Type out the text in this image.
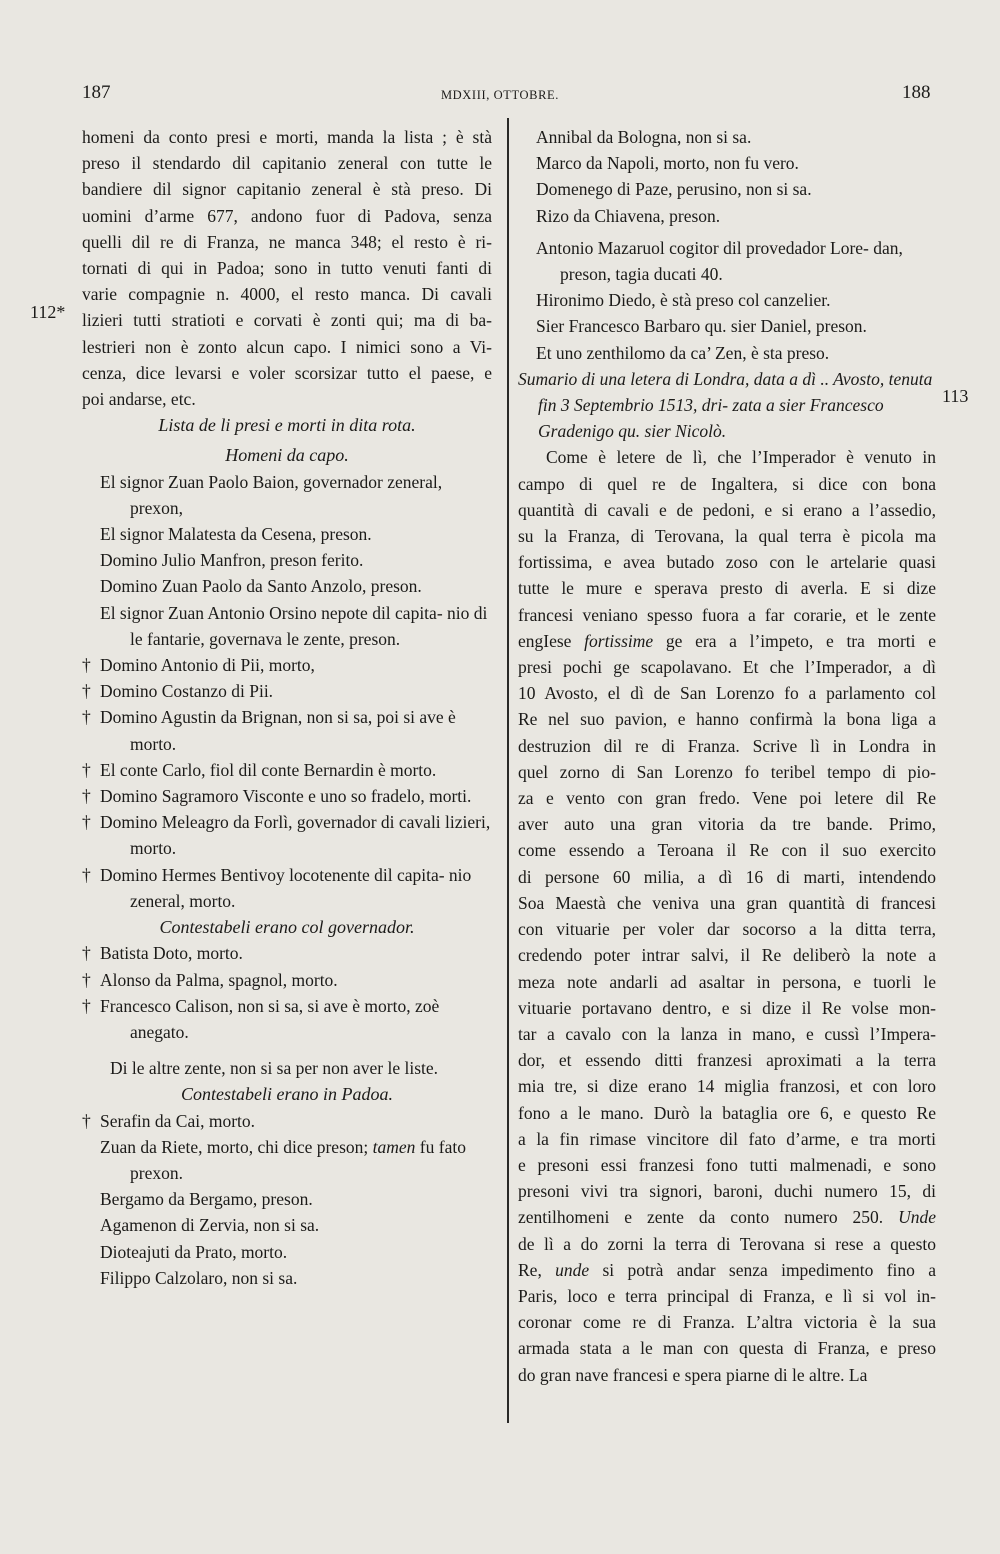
187	MDXIII, OTTOBRE.	188
112*
113

homeni da conto presi e morti, manda la lista ; è stà

preso il stendardo dil capitanio zeneral con tutte le

bandiere dil signor capitanio zeneral è stà preso. Di

uomini d’arme 677, andono fuor di Padova, senza

quelli dil re di Franza, ne manca 348; el resto è ri-

tornati di qui in Padoa; sono in tutto venuti fanti di

varie compagnie n. 4000, el resto manca. Di cavali

lizieri tutti stratioti e corvati è zonti qui; ma di ba-

lestrieri non è zonto alcun capo. I nimici sono a Vi-

cenza, dice levarsi e voler scorsizar tutto el paese, e

poi andarse, etc.

Lista de li presi e morti in dita rota.

Homeni da capo.

El signor Zuan Paolo Baion, governador zeneral, prexon,

El signor Malatesta da Cesena, preson.

Domino Julio Manfron, preson ferito.

Domino Zuan Paolo da Santo Anzolo, preson.

El signor Zuan Antonio Orsino nepote dil capita- nio di le fantarie, governava le zente, preson.

† Domino Antonio di Pii, morto,

† Domino Costanzo di Pii.

† Domino Agustin da Brignan, non si sa, poi si ave è morto.

† El conte Carlo, fiol dil conte Bernardin è morto.

† Domino Sagramoro Visconte e uno so fradelo, morti.

† Domino Meleagro da Forlì, governador di cavali lizieri, morto.

† Domino Hermes Bentivoy locotenente dil capita- nio zeneral, morto.

Contestabeli erano col governador.

† Batista Doto, morto.

† Alonso da Palma, spagnol, morto.

† Francesco Calison, non si sa, si ave è morto, zoè anegato.

Di le altre zente, non si sa per non aver le liste.

Contestabeli erano in Padoa.

† Serafin da Cai, morto.

Zuan da Riete, morto, chi dice preson; tamen fu fato prexon.

Bergamo da Bergamo, preson.

Agamenon di Zervia, non si sa.

Dioteajuti da Prato, morto.

Filippo Calzolaro, non si sa.

Annibal da Bologna, non si sa.

Marco da Napoli, morto, non fu vero.

Domenego di Paze, perusino, non si sa.

Rizo da Chiavena, preson.

Antonio Mazaruol cogitor dil provedador Lore- dan, preson, tagia ducati 40.

Hironimo Diedo, è stà preso col canzelier.

Sier Francesco Barbaro qu. sier Daniel, preson.

Et uno zenthilomo da ca’ Zen, è sta preso.

Sumario di una letera di Londra, data a dì .. Avosto, tenuta fin 3 Septembrio 1513, dri- zata a sier Francesco Gradenigo qu. sier Nicolò.

Come è letere de lì, che l’Imperador è venuto in

campo di quel re de Ingaltera, si dice con bona

quantità di cavali e de pedoni, e si erano a l’assedio,

su la Franza, di Terovana, la qual terra è picola ma

fortissima, e avea butado zoso con le artelarie quasi

tutte le mure e sperava presto di averla. E si dize

francesi veniano spesso fuora a far corarie, et le zente

engIese fortissime ge era a l’impeto, e tra morti e

presi pochi ge scapolavano. Et che l’Imperador, a dì

10 Avosto, el dì de San Lorenzo fo a parlamento col

Re nel suo pavion, e hanno confirmà la bona liga a

destruzion dil re di Franza. Scrive lì in Londra in

quel zorno di San Lorenzo fo teribel tempo di pio-

za e vento con gran fredo. Vene poi letere dil Re

aver auto una gran vitoria da tre bande. Primo,

come essendo a Teroana il Re con il suo exercito

di persone 60 milia, a dì 16 di marti, intendendo

Soa Maestà che veniva una gran quantità di francesi

con vituarie per voler dar socorso a la ditta terra,

credendo poter intrar salvi, il Re deliberò la note a

meza note andarli ad asaltar in persona, e tuorli le

vituarie portavano dentro, e si dize il Re volse mon-

tar a cavalo con la lanza in mano, e cussì l’Impera-

dor, et essendo ditti franzesi aproximati a la terra

mia tre, si dize erano 14 miglia franzosi, et con loro

fono a le mano. Durò la bataglia ore 6, e questo Re

a la fin rimase vincitore dil fato d’arme, e tra morti

e presoni essi franzesi fono tutti malmenadi, e sono

presoni vivi tra signori, baroni, duchi numero 15, di

zentilhomeni e zente da conto numero 250. Unde

de lì a do zorni la terra di Terovana si rese a questo

Re, unde si potrà andar senza impedimento fino a

Paris, loco e terra principal di Franza, e lì si vol in-

coronar come re di Franza. L’altra victoria è la sua

armada stata a le man con questa di Franza, e preso

do gran nave francesi e spera piarne di le altre. La
